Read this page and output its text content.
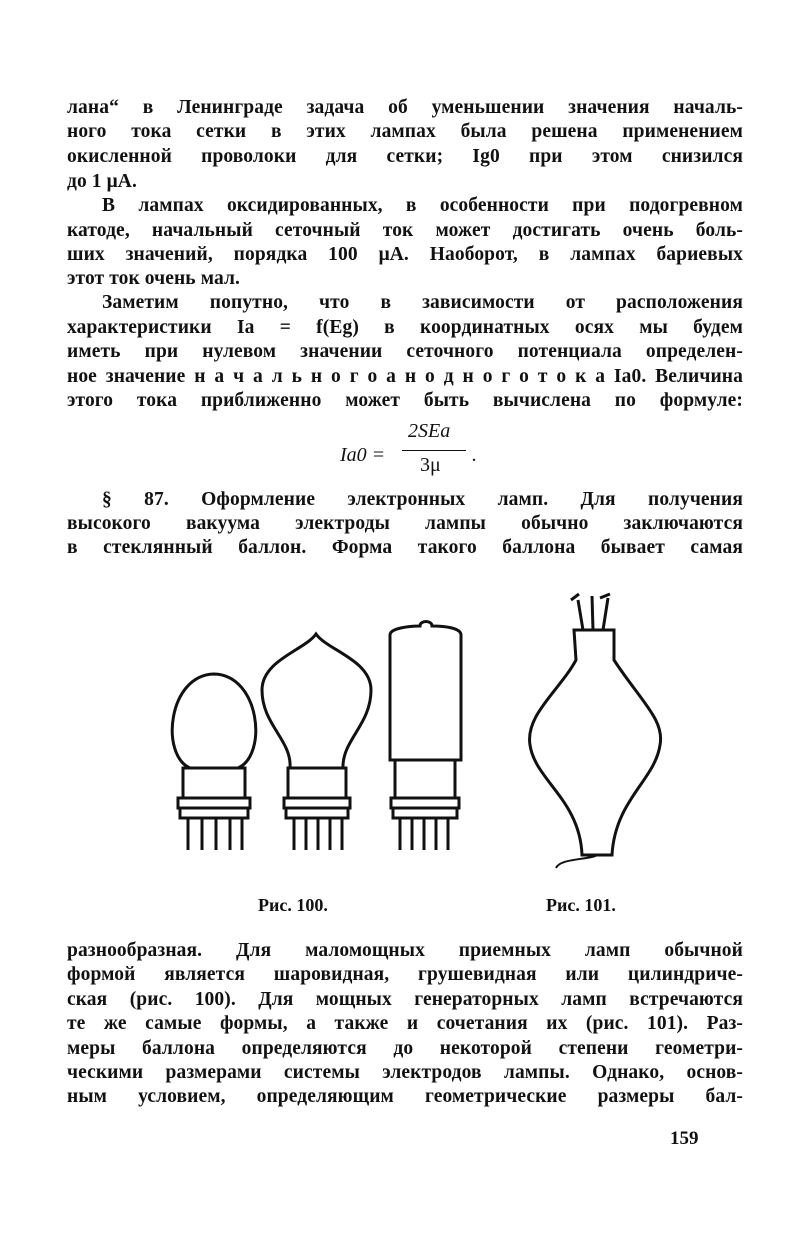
лана“ в Ленинграде задача об уменьшении значения началь-
ного тока сетки в этих лампах была решена применением
окисленной проволоки для сетки; Ig0 при этом снизился
до 1 μA.
В лампах оксидированных, в особенности при подогревном
катоде, начальный сеточный ток может достигать очень боль-
ших значений, порядка 100 μA. Наоборот, в лампах бариевых
этот ток очень мал.
Заметим попутно, что в зависимости от расположения
характеристики Ia = f(Eg) в координатных осях мы будем
иметь при нулевом значении сеточного потенциала определен-
ное значение н а ч а л ь н о г о а н о д н о г о т о к а Ia0. Величина
этого тока приближенно может быть вычислена по формуле:
Ia0 =
2SEa
3μ .
§ 87. Оформление электронных ламп. Для получения
высокого вакуума электроды лампы обычно заключаются
в стеклянный баллон. Форма такого баллона бывает самая
Рис. 100.	Рис. 101.
разнообразная. Для маломощных приемных ламп обычной
формой является шаровидная, грушевидная или цилиндриче-
ская (рис. 100). Для мощных генераторных ламп встречаются
те же самые формы, а также и сочетания их (рис. 101). Раз-
меры баллона определяются до некоторой степени геометри-
ческими размерами системы электродов лампы. Однако, основ-
ным условием, определяющим геометрические размеры бал-
159
